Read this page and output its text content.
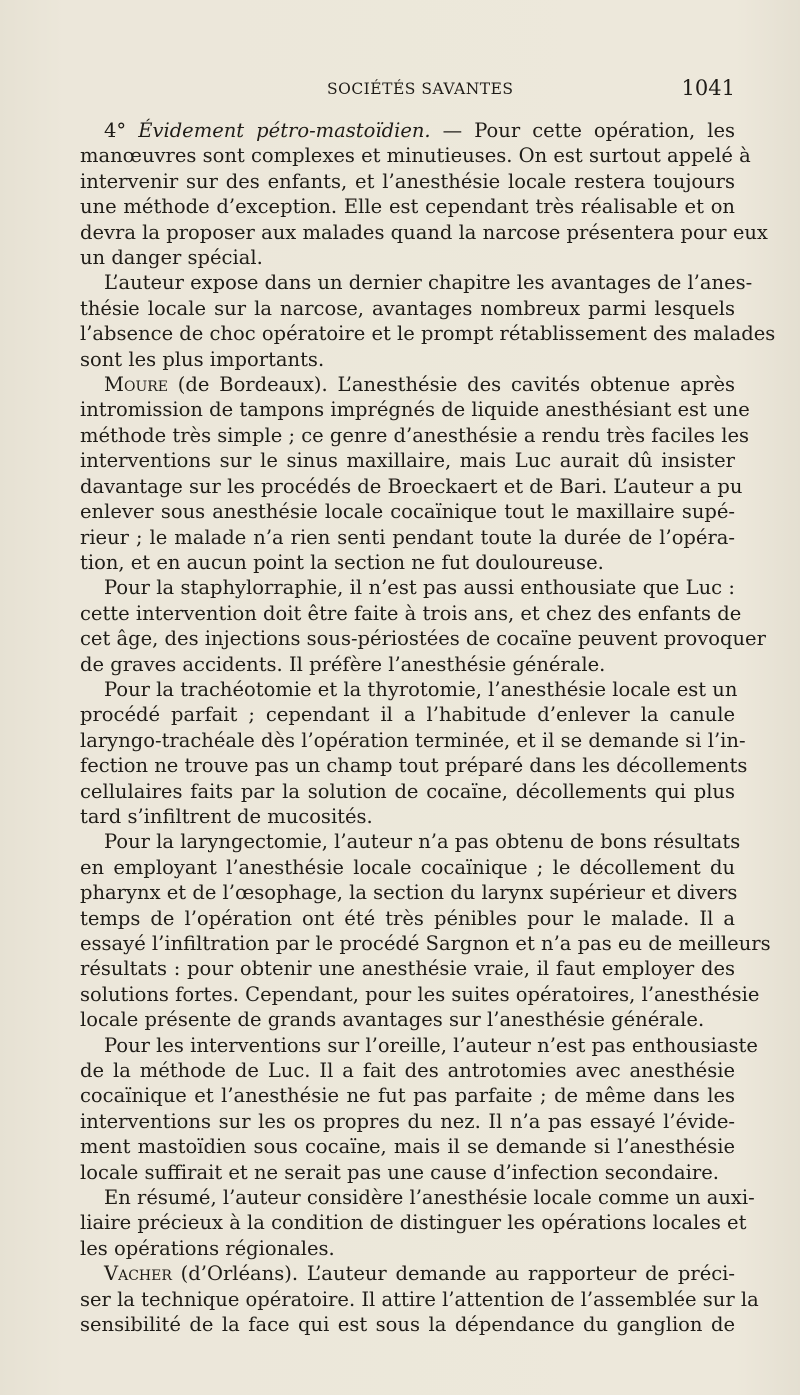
SOCIÉTÉS SAVANTES	1041

4° Évidement pétro-mastoïdien. — Pour cette opération, les
manœuvres sont complexes et minutieuses. On est surtout appelé à
intervenir sur des enfants, et l’anesthésie locale restera toujours
une méthode d’exception. Elle est cependant très réalisable et on
devra la proposer aux malades quand la narcose présentera pour eux
un danger spécial.

L’auteur expose dans un dernier chapitre les avantages de l’anes-
thésie locale sur la narcose, avantages nombreux parmi lesquels
l’absence de choc opératoire et le prompt rétablissement des malades
sont les plus importants.

Moure (de Bordeaux). L’anesthésie des cavités obtenue après
intromission de tampons imprégnés de liquide anesthésiant est une
méthode très simple ; ce genre d’anesthésie a rendu très faciles les
interventions sur le sinus maxillaire, mais Luc aurait dû insister
davantage sur les procédés de Broeckaert et de Bari. L’auteur a pu
enlever sous anesthésie locale cocaïnique tout le maxillaire supé-
rieur ; le malade n’a rien senti pendant toute la durée de l’opéra-
tion, et en aucun point la section ne fut douloureuse.

Pour la staphylorraphie, il n’est pas aussi enthousiate que Luc :
cette intervention doit être faite à trois ans, et chez des enfants de
cet âge, des injections sous-périostées de cocaïne peuvent provoquer
de graves accidents. Il préfère l’anesthésie générale.

Pour la trachéotomie et la thyrotomie, l’anesthésie locale est un
procédé parfait ; cependant il a l’habitude d’enlever la canule
laryngo-trachéale dès l’opération terminée, et il se demande si l’in-
fection ne trouve pas un champ tout préparé dans les décollements
cellulaires faits par la solution de cocaïne, décollements qui plus
tard s’infiltrent de mucosités.

Pour la laryngectomie, l’auteur n’a pas obtenu de bons résultats
en employant l’anesthésie locale cocaïnique ; le décollement du
pharynx et de l’œsophage, la section du larynx supérieur et divers
temps de l’opération ont été très pénibles pour le malade. Il a
essayé l’infiltration par le procédé Sargnon et n’a pas eu de meilleurs
résultats : pour obtenir une anesthésie vraie, il faut employer des
solutions fortes. Cependant, pour les suites opératoires, l’anesthésie
locale présente de grands avantages sur l’anesthésie générale.

Pour les interventions sur l’oreille, l’auteur n’est pas enthousiaste
de la méthode de Luc. Il a fait des antrotomies avec anesthésie
cocaïnique et l’anesthésie ne fut pas parfaite ; de même dans les
interventions sur les os propres du nez. Il n’a pas essayé l’évide-
ment mastoïdien sous cocaïne, mais il se demande si l’anesthésie
locale suffirait et ne serait pas une cause d’infection secondaire.

En résumé, l’auteur considère l’anesthésie locale comme un auxi-
liaire précieux à la condition de distinguer les opérations locales et
les opérations régionales.

Vacher (d’Orléans). L’auteur demande au rapporteur de préci-
ser la technique opératoire. Il attire l’attention de l’assemblée sur la
sensibilité de la face qui est sous la dépendance du ganglion de
